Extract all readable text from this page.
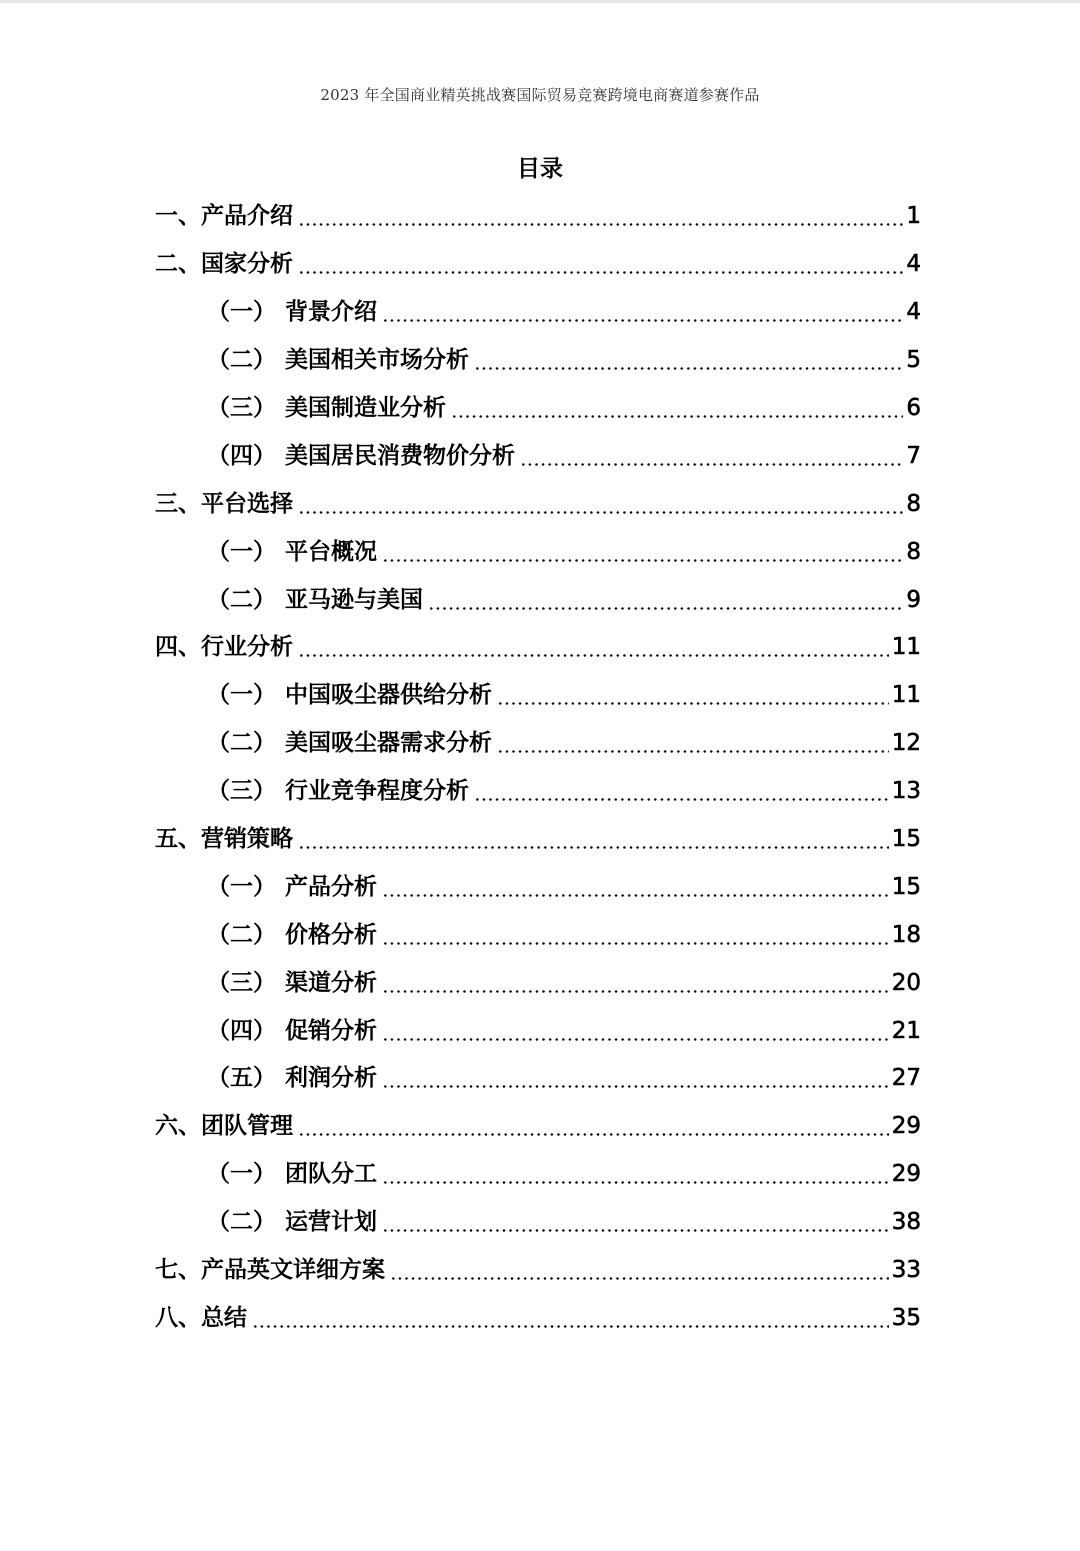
2023 年全国商业精英挑战赛国际贸易竞赛跨境电商赛道参赛作品
目录
一、 产品介绍	1
二、 国家分析	4
（一） 背景介绍	4
（二） 美国相关市场分析	5
（三） 美国制造业分析	6
（四） 美国居民消费物价分析	7
三、 平台选择	8
（一） 平台概况	8
（二） 亚马逊与美国	9
四、 行业分析	11
（一） 中国吸尘器供给分析	11
（二） 美国吸尘器需求分析	12
（三） 行业竞争程度分析	13
五、 营销策略	15
（一） 产品分析	15
（二） 价格分析	18
（三） 渠道分析	20
（四） 促销分析	21
（五） 利润分析	27
六、 团队管理	29
（一） 团队分工	29
（二） 运营计划	38
七、 产品英文详细方案	33
八、 总结	35
